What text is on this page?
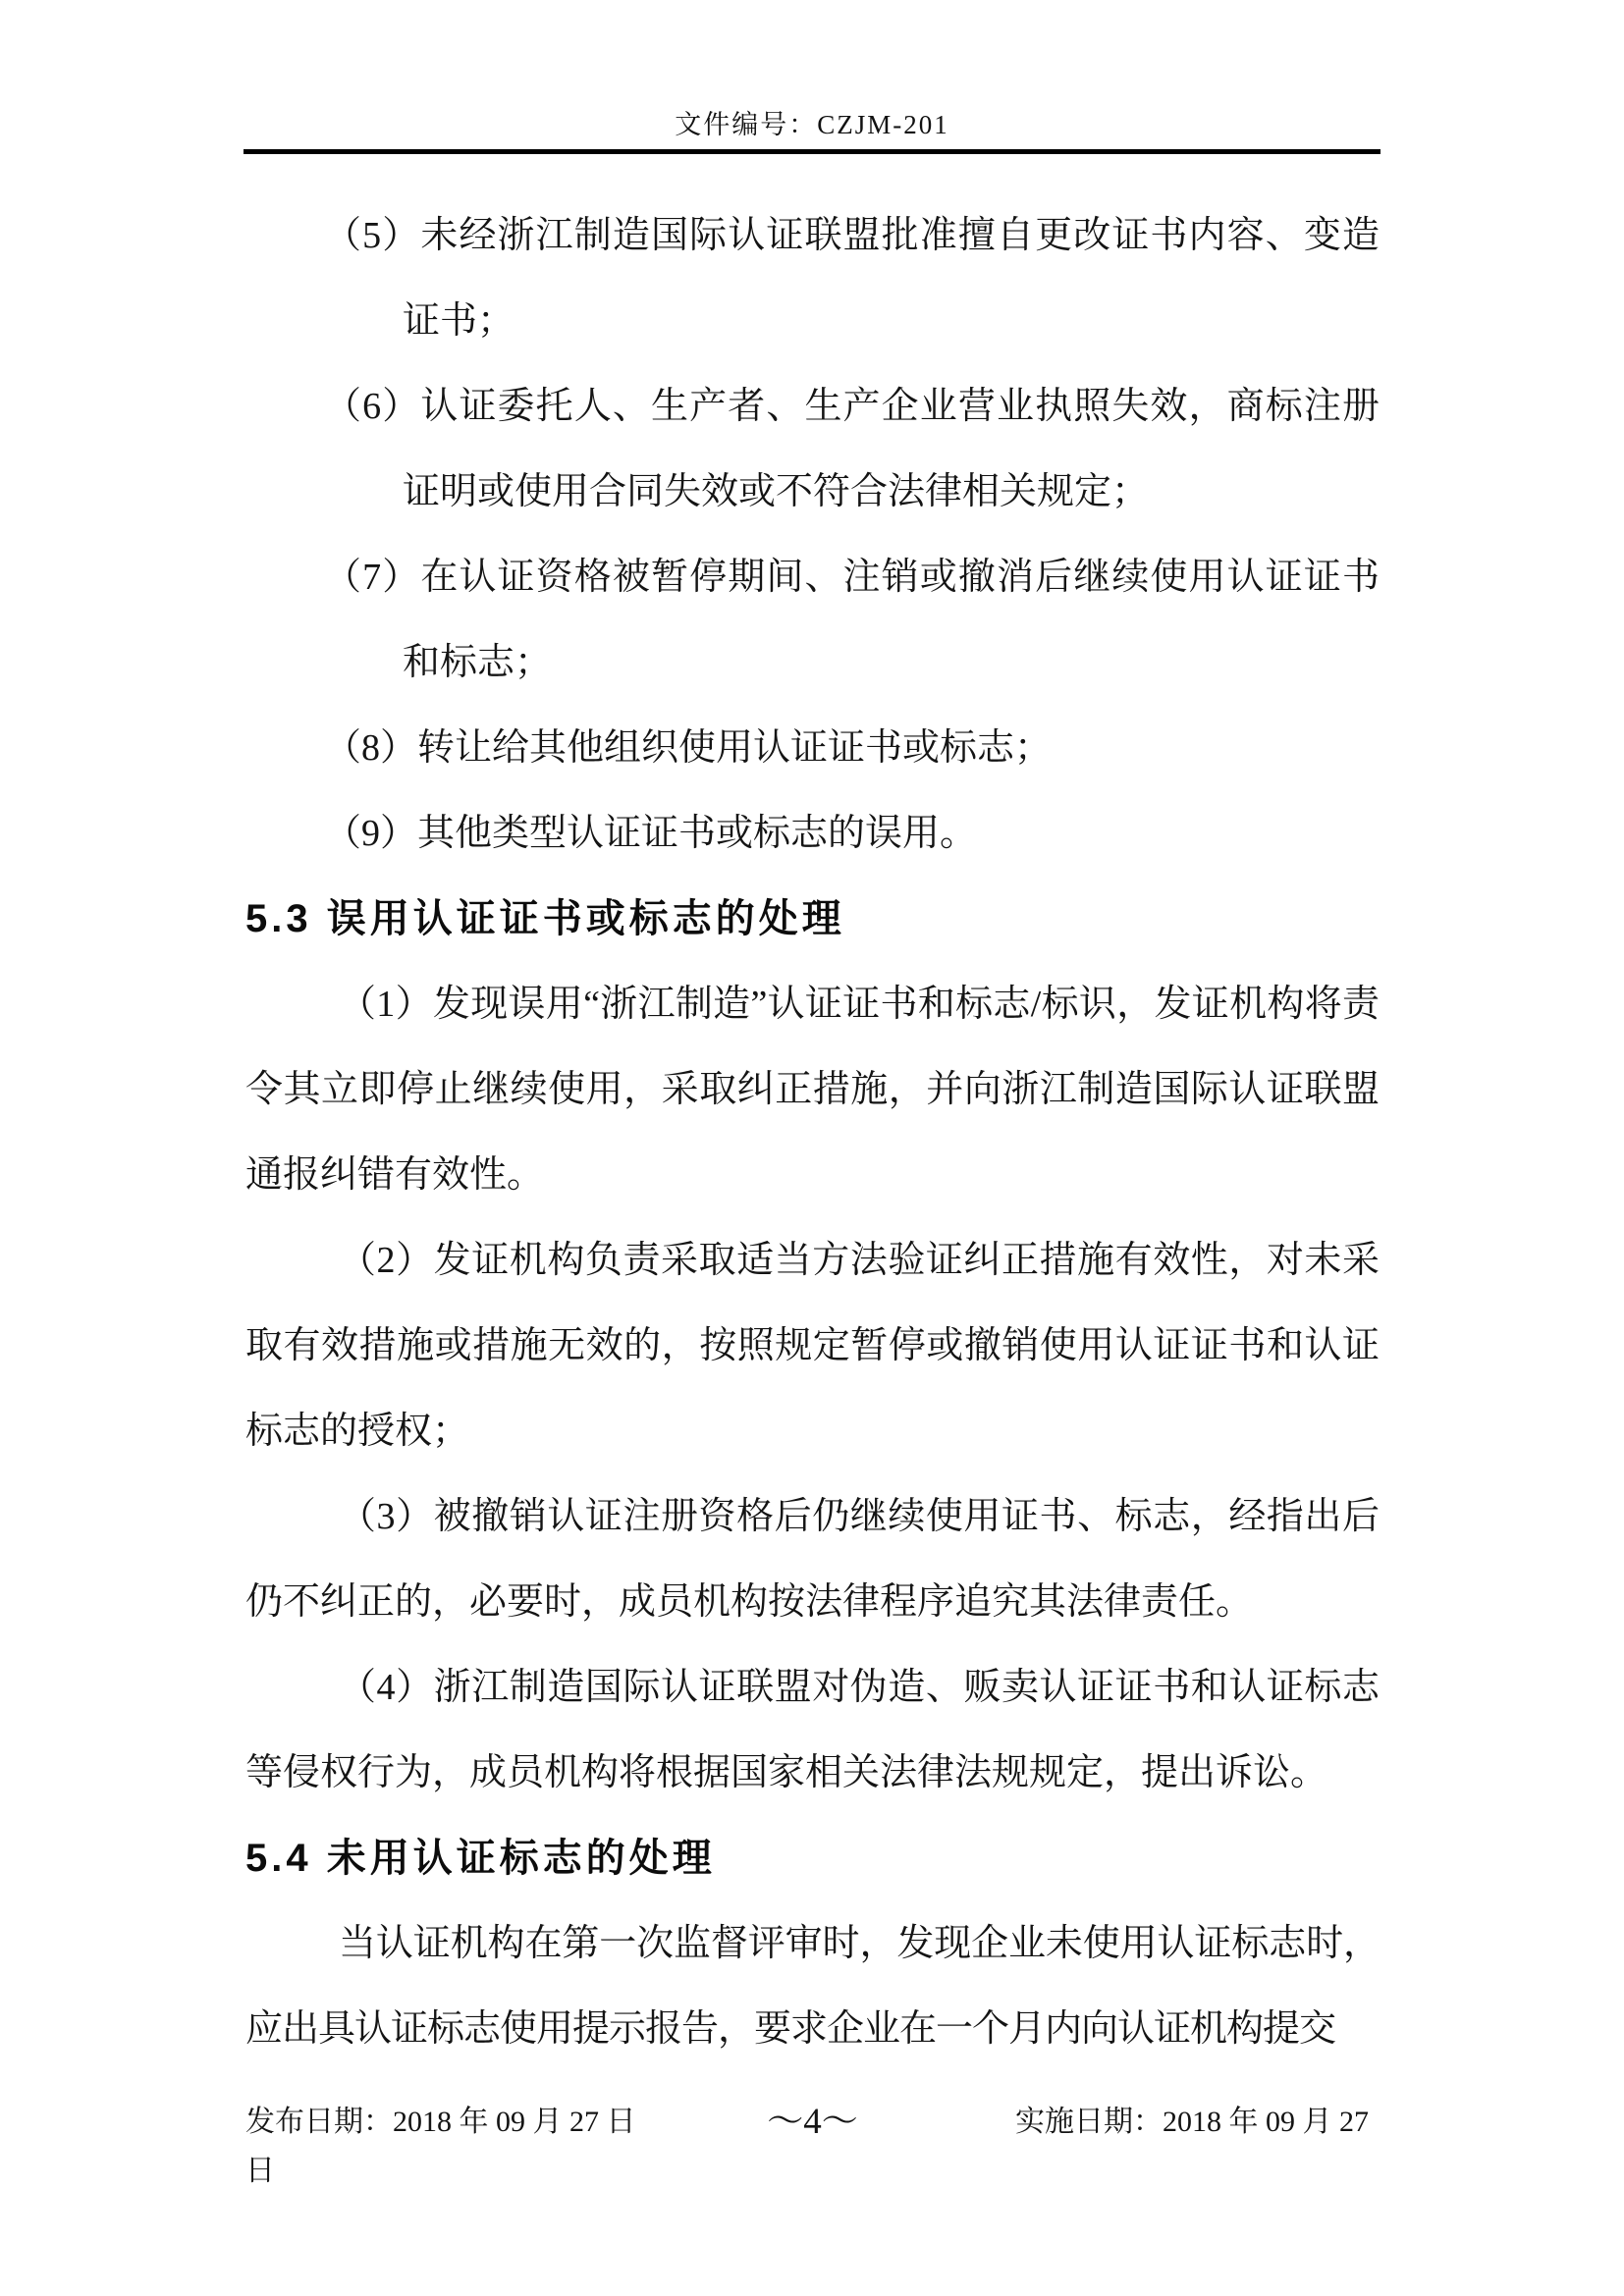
文件编号：CZJM-201
（5）未经浙江制造国际认证联盟批准擅自更改证书内容、变造证书；
（6）认证委托人、生产者、生产企业营业执照失效，商标注册证明或使用合同失效或不符合法律相关规定；
（7）在认证资格被暂停期间、注销或撤消后继续使用认证证书和标志；
（8）转让给其他组织使用认证证书或标志；
（9）其他类型认证证书或标志的误用。
5.3 误用认证证书或标志的处理
（1）发现误用“浙江制造”认证证书和标志/标识，发证机构将责令其立即停止继续使用，采取纠正措施，并向浙江制造国际认证联盟通报纠错有效性。
（2）发证机构负责采取适当方法验证纠正措施有效性，对未采取有效措施或措施无效的，按照规定暂停或撤销使用认证证书和认证标志的授权；
（3）被撤销认证注册资格后仍继续使用证书、标志，经指出后仍不纠正的，必要时，成员机构按法律程序追究其法律责任。
（4）浙江制造国际认证联盟对伪造、贩卖认证证书和认证标志等侵权行为，成员机构将根据国家相关法律法规规定，提出诉讼。
5.4 未用认证标志的处理
当认证机构在第一次监督评审时，发现企业未使用认证标志时，应出具认证标志使用提示报告，要求企业在一个月内向认证机构提交
发布日期：2018 年 09 月 27 日	～4～	实施日期：2018 年 09 月 27
日
